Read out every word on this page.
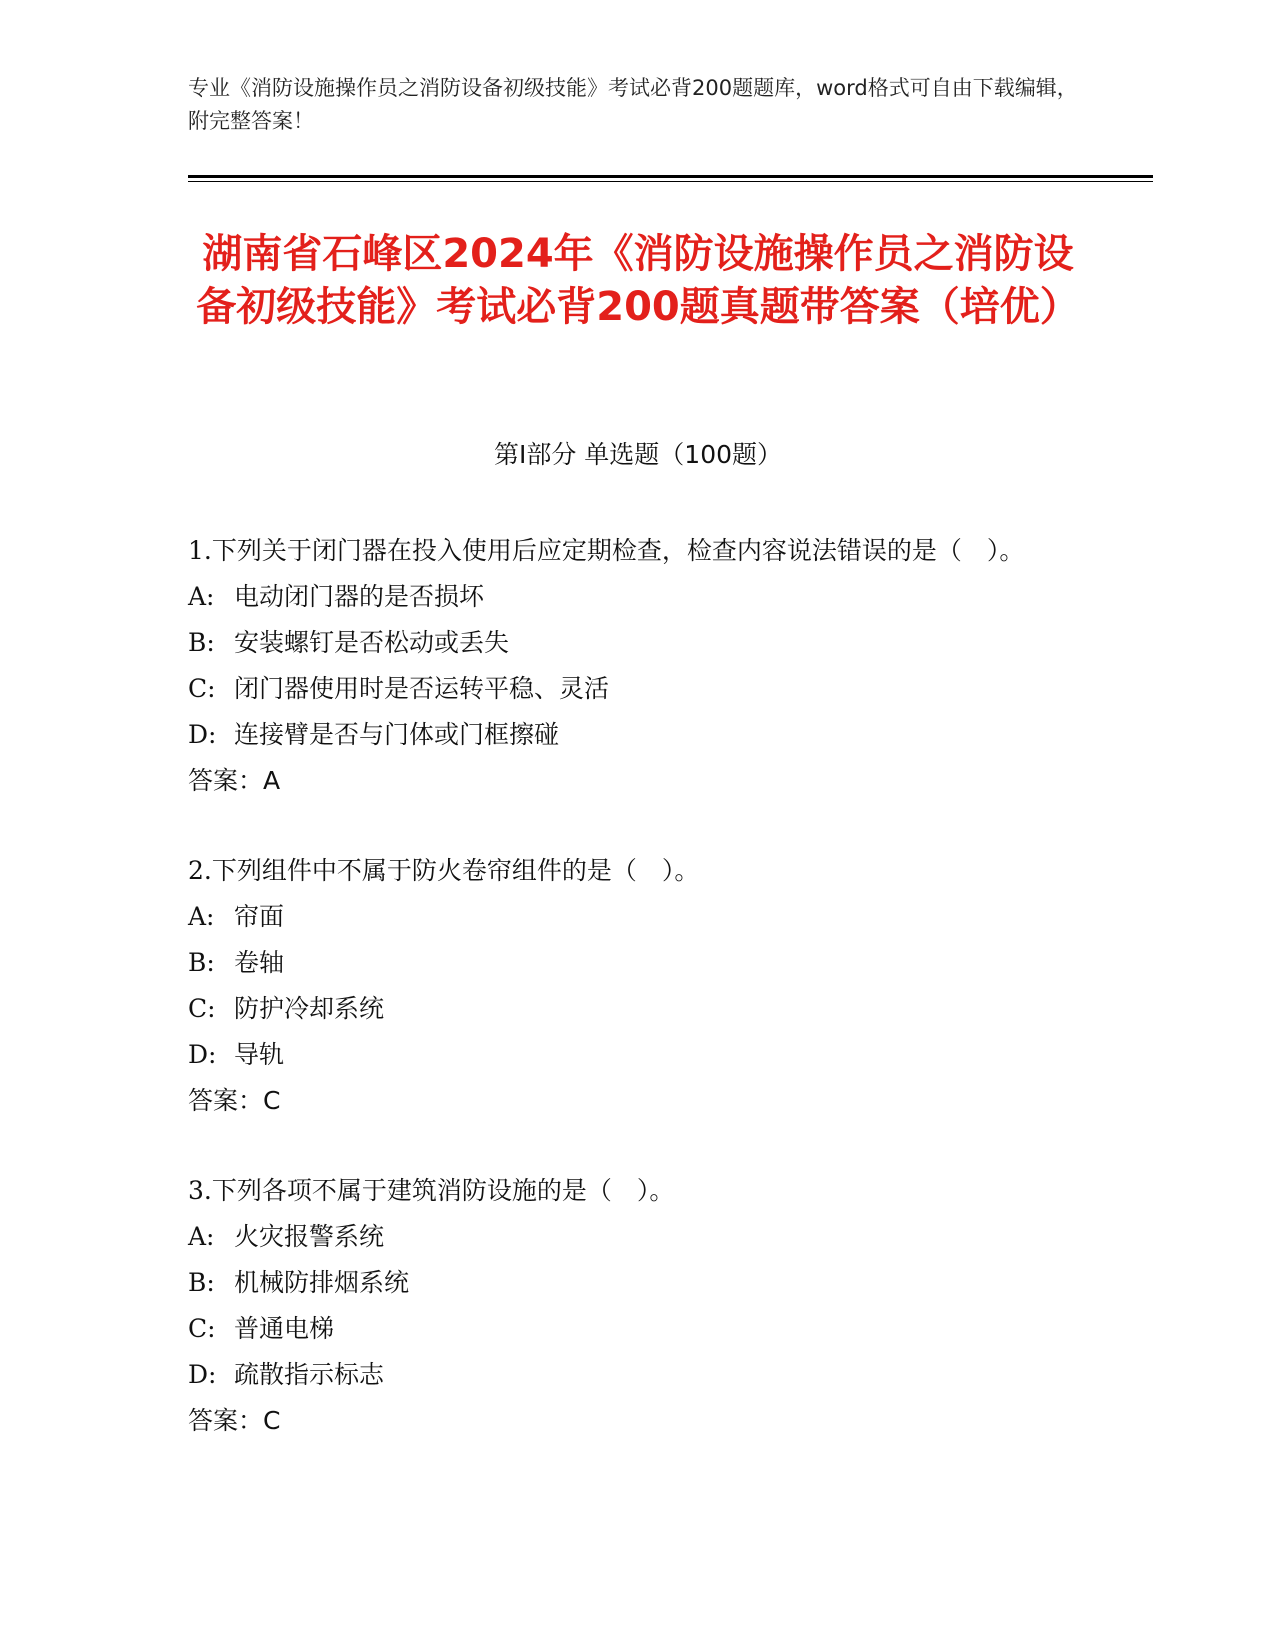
专业《消防设施操作员之消防设备初级技能》考试必背200题题库，word格式可自由下载编辑，附完整答案！
湖南省石峰区2024年《消防设施操作员之消防设备初级技能》考试必背200题真题带答案（培优）
第I部分 单选题（100题）
1.下列关于闭门器在投入使用后应定期检查，检查内容说法错误的是（　）。
A: 电动闭门器的是否损坏
B: 安装螺钉是否松动或丢失
C: 闭门器使用时是否运转平稳、灵活
D: 连接臂是否与门体或门框擦碰
答案：A
2.下列组件中不属于防火卷帘组件的是（　）。
A: 帘面
B: 卷轴
C: 防护冷却系统
D: 导轨
答案：C
3.下列各项不属于建筑消防设施的是（　）。
A: 火灾报警系统
B: 机械防排烟系统
C: 普通电梯
D: 疏散指示标志
答案：C
